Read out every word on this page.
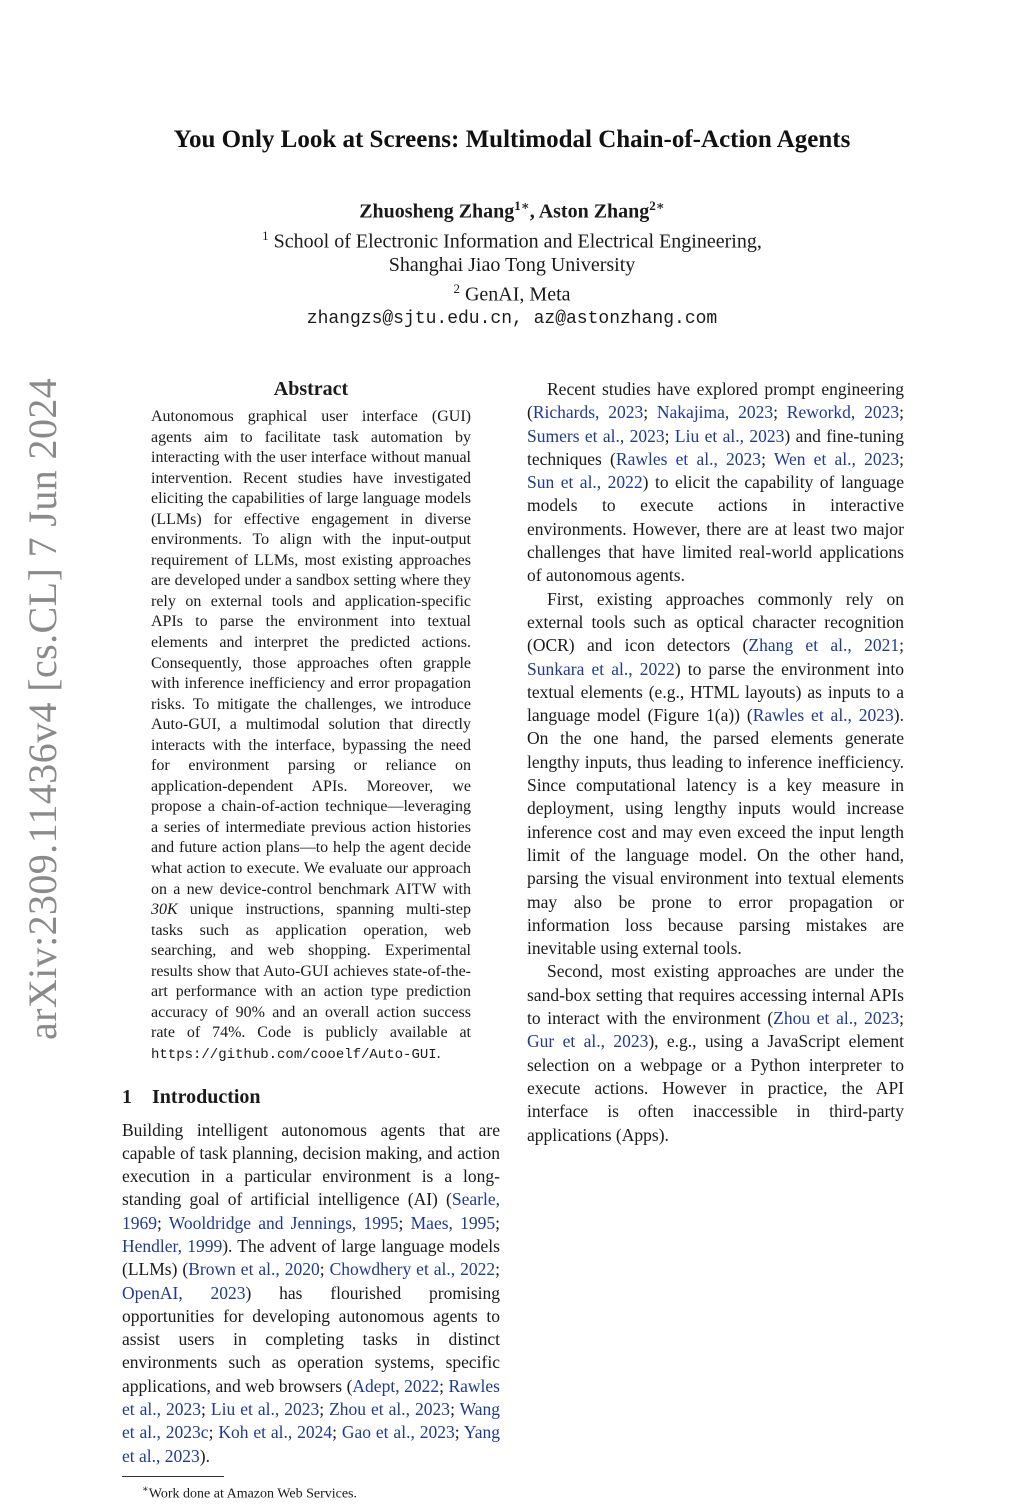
arXiv:2309.11436v4 [cs.CL] 7 Jun 2024
You Only Look at Screens: Multimodal Chain-of-Action Agents
Zhuosheng Zhang$^{1∗}$, Aston Zhang$^{2∗}$
$^1$ School of Electronic Information and Electrical Engineering,
Shanghai Jiao Tong University
$^2$ GenAI, Meta
zhangzs@sjtu.edu.cn, az@astonzhang.com
Abstract

Autonomous graphical user interface (GUI) agents aim to facilitate task automation by interacting with the user interface without manual intervention. Recent studies have investigated eliciting the capabilities of large language models (LLMs) for effective engagement in diverse environments. To align with the input-output requirement of LLMs, most existing approaches are developed under a sandbox setting where they rely on external tools and application-specific APIs to parse the environment into textual elements and interpret the predicted actions. Consequently, those approaches often grapple with inference inefficiency and error propagation risks. To mitigate the challenges, we introduce Auto-GUI, a multimodal solution that directly interacts with the interface, bypassing the need for environment parsing or reliance on application-dependent APIs. Moreover, we propose a chain-of-action technique—leveraging a series of intermediate previous action histories and future action plans—to help the agent decide what action to execute. We evaluate our approach on a new device-control benchmark AITW with 30K unique instructions, spanning multi-step tasks such as application operation, web searching, and web shopping. Experimental results show that Auto-GUI achieves state-of-the-art performance with an action type prediction accuracy of 90% and an overall action success rate of 74%. Code is publicly available at https://github.com/cooelf/Auto-GUI.

1 Introduction

Building intelligent autonomous agents that are capable of task planning, decision making, and action execution in a particular environment is a long-standing goal of artificial intelligence (AI) (Searle, 1969; Wooldridge and Jennings, 1995; Maes, 1995; Hendler, 1999). The advent of large language models (LLMs) (Brown et al., 2020; Chowdhery et al., 2022; OpenAI, 2023) has flourished promising opportunities for developing autonomous agents to assist users in completing tasks in distinct environments such as operation systems, specific applications, and web browsers (Adept, 2022; Rawles et al., 2023; Liu et al., 2023; Zhou et al., 2023; Wang et al., 2023c; Koh et al., 2024; Gao et al., 2023; Yang et al., 2023).

∗Work done at Amazon Web Services.

Recent studies have explored prompt engineering (Richards, 2023; Nakajima, 2023; Reworkd, 2023; Sumers et al., 2023; Liu et al., 2023) and fine-tuning techniques (Rawles et al., 2023; Wen et al., 2023; Sun et al., 2022) to elicit the capability of language models to execute actions in interactive environments. However, there are at least two major challenges that have limited real-world applications of autonomous agents.

First, existing approaches commonly rely on external tools such as optical character recognition (OCR) and icon detectors (Zhang et al., 2021; Sunkara et al., 2022) to parse the environment into textual elements (e.g., HTML layouts) as inputs to a language model (Figure 1(a)) (Rawles et al., 2023). On the one hand, the parsed elements generate lengthy inputs, thus leading to inference inefficiency. Since computational latency is a key measure in deployment, using lengthy inputs would increase inference cost and may even exceed the input length limit of the language model. On the other hand, parsing the visual environment into textual elements may also be prone to error propagation or information loss because parsing mistakes are inevitable using external tools.

Second, most existing approaches are under the sand-box setting that requires accessing internal APIs to interact with the environment (Zhou et al., 2023; Gur et al., 2023), e.g., using a JavaScript element selection on a webpage or a Python interpreter to execute actions. However in practice, the API interface is often inaccessible in third-party applications (Apps).
